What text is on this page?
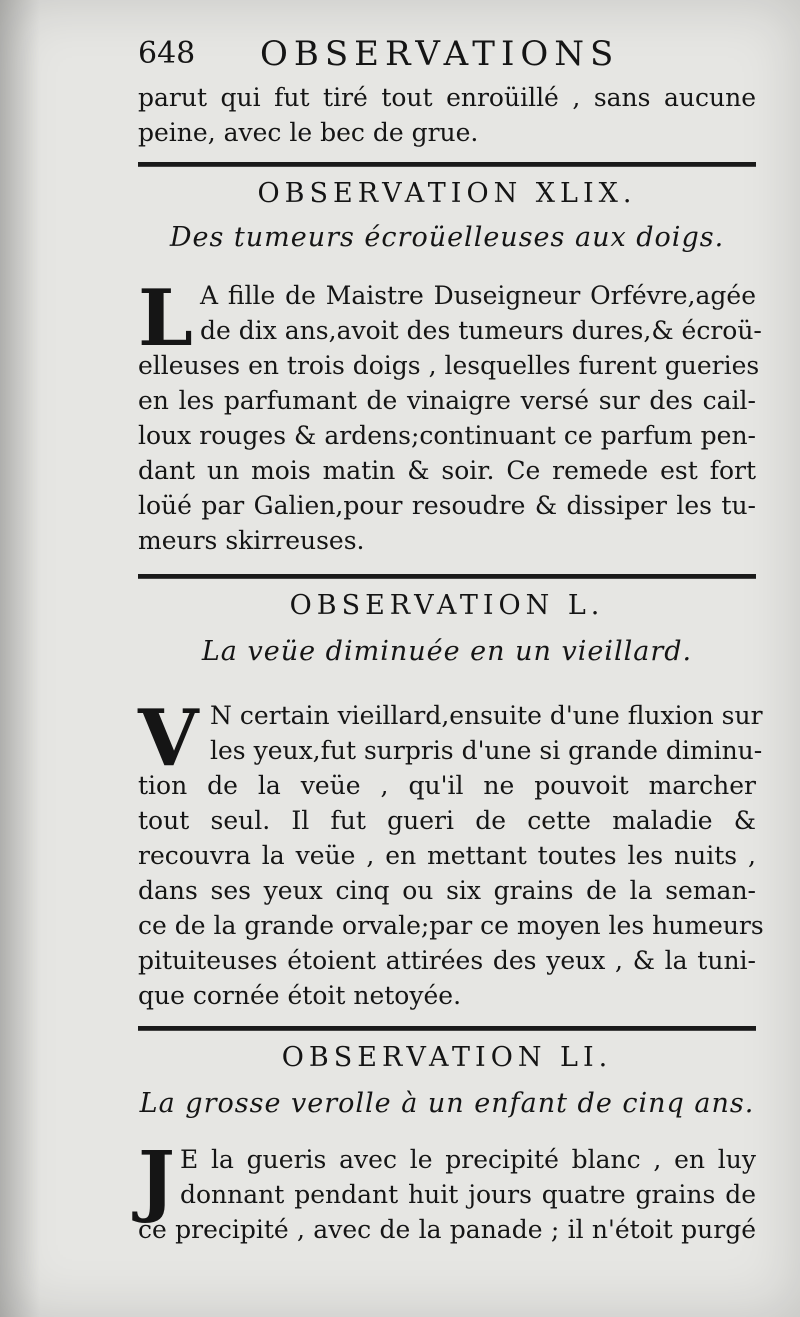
648 OBSERVATIONS
parut qui fut tiré tout enroüillé , sans aucune
peine, avec le bec de grue.
OBSERVATION XLIX.
Des tumeurs écroüelleuses aux doigs.
L A fille de Maistre Duseigneur Orfévre,agée
de dix ans,avoit des tumeurs dures,& écroü-
elleuses en trois doigs , lesquelles furent gueries
en les parfumant de vinaigre versé sur des cail-
loux rouges & ardens;continuant ce parfum pen-
dant un mois matin & soir. Ce remede est fort
loüé par Galien,pour resoudre & dissiper les tu-
meurs skirreuses.
OBSERVATION L.
La veüe diminuée en un vieillard.
V N certain vieillard,ensuite d'une fluxion sur
les yeux,fut surpris d'une si grande diminu-
tion de la veüe , qu'il ne pouvoit marcher
tout seul. Il fut gueri de cette maladie &
recouvra la veüe , en mettant toutes les nuits ,
dans ses yeux cinq ou six grains de la seman-
ce de la grande orvale;par ce moyen les humeurs
pituiteuses étoient attirées des yeux , & la tuni-
que cornée étoit netoyée.
OBSERVATION LI.
La grosse verolle à un enfant de cinq ans.
J E la gueris avec le precipité blanc , en luy
donnant pendant huit jours quatre grains de
ce precipité , avec de la panade ; il n'étoit purgé
